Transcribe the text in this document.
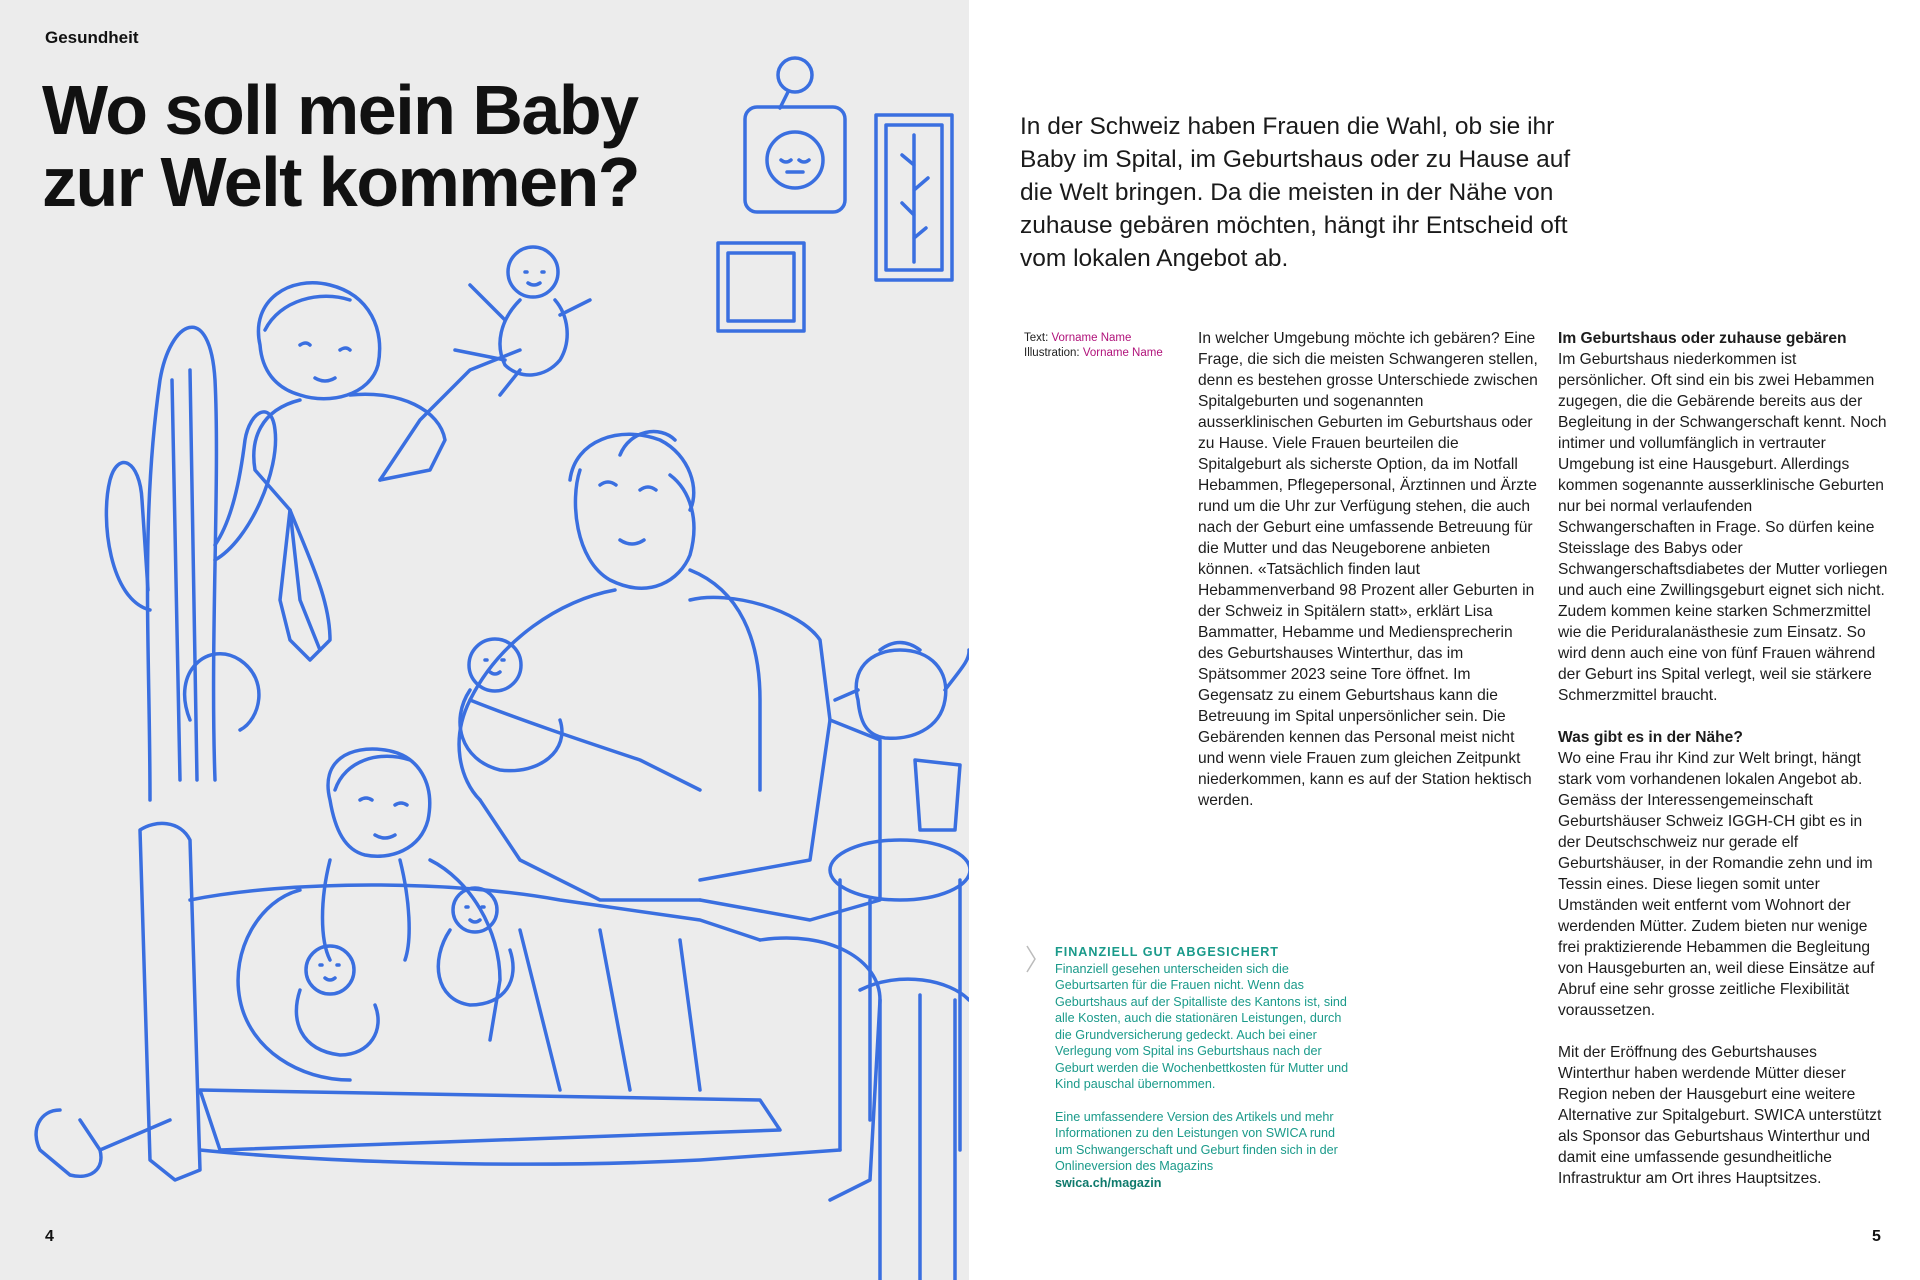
Gesundheit
Wo soll mein Baby
zur Welt kommen?
4

In der Schweiz haben Frauen die Wahl, ob sie ihr Baby im Spital, im Geburtshaus oder zu Hause auf die Welt bringen. Da die meisten in der Nähe von zuhause gebären möchten, hängt ihr Entscheid oft vom lokalen Angebot ab.

Text: Vorname Name
Illustration: Vorname Name

In welcher Umgebung möchte ich gebären? Eine Frage, die sich die meisten Schwangeren stellen, denn es bestehen grosse Unterschiede zwischen Spitalgeburten und sogenannten ausserklinischen Geburten im Geburtshaus oder zu Hause. Viele Frauen beurteilen die Spitalgeburt als sicherste Option, da im Notfall Hebammen, Pflegepersonal, Ärztinnen und Ärzte rund um die Uhr zur Verfügung stehen, die auch nach der Geburt eine umfassende Betreuung für die Mutter und das Neugeborene anbieten können. «Tatsächlich finden laut Hebammenverband 98 Prozent aller Geburten in der Schweiz in Spitälern statt», erklärt Lisa Bammatter, Hebamme und Mediensprecherin des Geburtshauses Winterthur, das im Spätsommer 2023 seine Tore öffnet. Im Gegensatz zu einem Geburtshaus kann die Betreuung im Spital unpersönlicher sein. Die Gebärenden kennen das Personal meist nicht und wenn viele Frauen zum gleichen Zeitpunkt niederkommen, kann es auf der Station hektisch werden.

Im Geburtshaus oder zuhause gebären

Im Geburtshaus niederkommen ist persönlicher. Oft sind ein bis zwei Hebammen zugegen, die die Gebärende bereits aus der Begleitung in der Schwangerschaft kennt. Noch intimer und vollumfänglich in vertrauter Umgebung ist eine Hausgeburt. Allerdings kommen sogenannte ausserklinische Geburten nur bei normal verlaufenden Schwangerschaften in Frage. So dürfen keine Steisslage des Babys oder Schwangerschaftsdiabetes der Mutter vorliegen und auch eine Zwillingsgeburt eignet sich nicht. Zudem kommen keine starken Schmerzmittel wie die Periduralanästhesie zum Einsatz. So wird denn auch eine von fünf Frauen während der Geburt ins Spital verlegt, weil sie stärkere Schmerzmittel braucht.

Was gibt es in der Nähe?

Wo eine Frau ihr Kind zur Welt bringt, hängt stark vom vorhandenen lokalen Angebot ab. Gemäss der Interessengemeinschaft Geburtshäuser Schweiz IGGH-CH gibt es in der Deutschschweiz nur gerade elf Geburtshäuser, in der Romandie zehn und im Tessin eines. Diese liegen somit unter Umständen weit entfernt vom Wohnort der werdenden Mütter. Zudem bieten nur wenige frei praktizierende Hebammen die Begleitung von Hausgeburten an, weil diese Einsätze auf Abruf eine sehr grosse zeitliche Flexibilität voraussetzen.

Mit der Eröffnung des Geburtshauses Winterthur haben werdende Mütter dieser Region neben der Hausgeburt eine weitere Alternative zur Spitalgeburt. SWICA unterstützt als Sponsor das Geburtshaus Winterthur und damit eine umfassende gesundheitliche Infrastruktur am Ort ihres Hauptsitzes.

FINANZIELL GUT ABGESICHERT

Finanziell gesehen unterscheiden sich die Geburtsarten für die Frauen nicht. Wenn das Geburtshaus auf der Spitalliste des Kantons ist, sind alle Kosten, auch die stationären Leistungen, durch die Grundversicherung gedeckt. Auch bei einer Verlegung vom Spital ins Geburtshaus nach der Geburt werden die Wochenbettkosten für Mutter und Kind pauschal übernommen.

Eine umfassendere Version des Artikels und mehr Informationen zu den Leistungen von SWICA rund um Schwangerschaft und Geburt finden sich in der Onlineversion des Magazins

swica.ch/magazin

5
